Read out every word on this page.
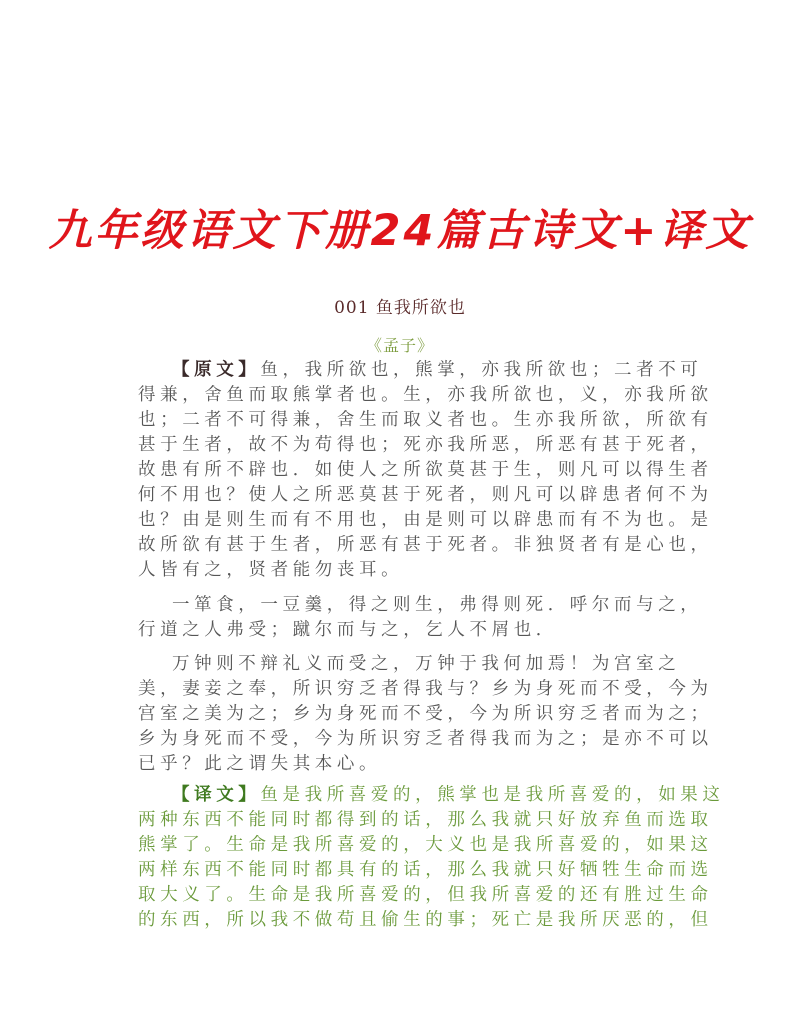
九年级语文下册24篇古诗文+译文
001 鱼我所欲也
《孟子》
【原文】鱼，我所欲也，熊掌，亦我所欲也；二者不可
得兼，舍鱼而取熊掌者也。生，亦我所欲也，义，亦我所欲
也；二者不可得兼，舍生而取义者也。生亦我所欲，所欲有
甚于生者，故不为苟得也；死亦我所恶，所恶有甚于死者，
故患有所不辟也．如使人之所欲莫甚于生，则凡可以得生者
何不用也？使人之所恶莫甚于死者，则凡可以辟患者何不为
也？由是则生而有不用也，由是则可以辟患而有不为也。是
故所欲有甚于生者，所恶有甚于死者。非独贤者有是心也，
人皆有之，贤者能勿丧耳。
一箪食，一豆羹，得之则生，弗得则死．呼尔而与之，
行道之人弗受；蹴尔而与之，乞人不屑也．
万钟则不辩礼义而受之，万钟于我何加焉！为宫室之
美，妻妾之奉，所识穷乏者得我与？乡为身死而不受，今为
宫室之美为之；乡为身死而不受，今为所识穷乏者而为之；
乡为身死而不受，今为所识穷乏者得我而为之；是亦不可以
已乎？此之谓失其本心。
【译文】鱼是我所喜爱的，熊掌也是我所喜爱的，如果这
两种东西不能同时都得到的话，那么我就只好放弃鱼而选取
熊掌了。生命是我所喜爱的，大义也是我所喜爱的，如果这
两样东西不能同时都具有的话，那么我就只好牺牲生命而选
取大义了。生命是我所喜爱的，但我所喜爱的还有胜过生命
的东西，所以我不做苟且偷生的事；死亡是我所厌恶的，但
